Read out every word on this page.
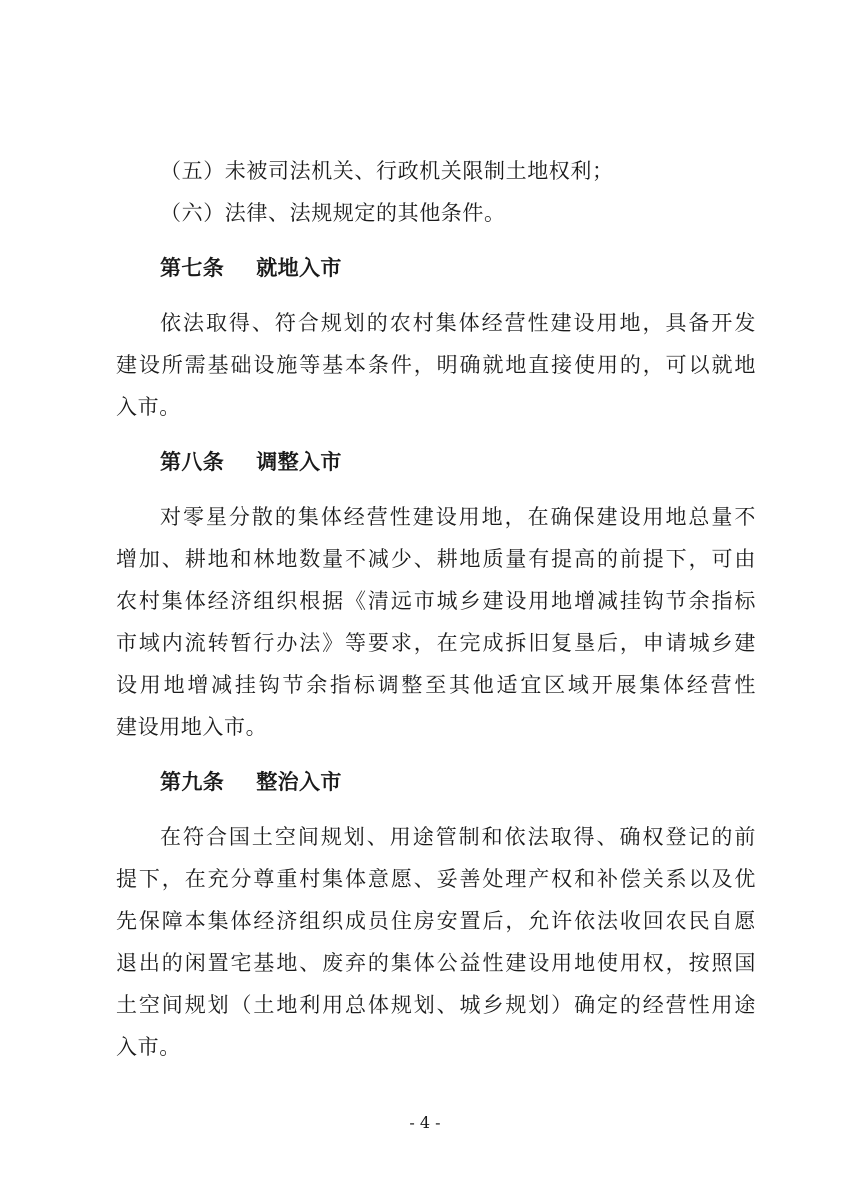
（五）未被司法机关、行政机关限制土地权利；
（六）法律、法规规定的其他条件。
第七条 就地入市
依法取得、符合规划的农村集体经营性建设用地，具备开发
建设所需基础设施等基本条件，明确就地直接使用的，可以就地
入市。
第八条 调整入市
对零星分散的集体经营性建设用地，在确保建设用地总量不
增加、耕地和林地数量不减少、耕地质量有提高的前提下，可由
农村集体经济组织根据《清远市城乡建设用地增减挂钩节余指标
市域内流转暂行办法》等要求，在完成拆旧复垦后，申请城乡建
设用地增减挂钩节余指标调整至其他适宜区域开展集体经营性
建设用地入市。
第九条 整治入市
在符合国土空间规划、用途管制和依法取得、确权登记的前
提下，在充分尊重村集体意愿、妥善处理产权和补偿关系以及优
先保障本集体经济组织成员住房安置后，允许依法收回农民自愿
退出的闲置宅基地、废弃的集体公益性建设用地使用权，按照国
土空间规划（土地利用总体规划、城乡规划）确定的经营性用途
入市。
- 4 -
